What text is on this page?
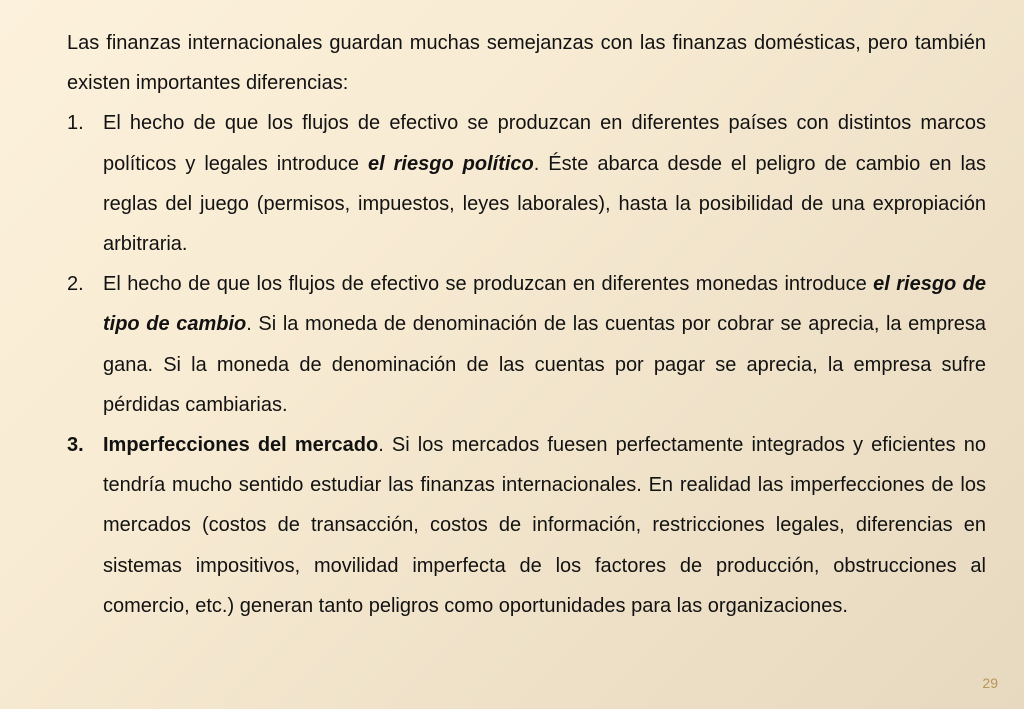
Las finanzas internacionales guardan muchas semejanzas con las finanzas domésticas, pero también existen importantes diferencias:

1. El hecho de que los flujos de efectivo se produzcan en diferentes países con distintos marcos políticos y legales introduce el riesgo político. Éste abarca desde el peligro de cambio en las reglas del juego (permisos, impuestos, leyes laborales), hasta la posibilidad de una expropiación arbitraria.
2. El hecho de que los flujos de efectivo se produzcan en diferentes monedas introduce el riesgo de tipo de cambio. Si la moneda de denominación de las cuentas por cobrar se aprecia, la empresa gana. Si la moneda de denominación de las cuentas por pagar se aprecia, la empresa sufre pérdidas cambiarias.
3. Imperfecciones del mercado. Si los mercados fuesen perfectamente integrados y eficientes no tendría mucho sentido estudiar las finanzas internacionales. En realidad las imperfecciones de los mercados (costos de transacción, costos de información, restricciones legales, diferencias en sistemas impositivos, movilidad imperfecta de los factores de producción, obstrucciones al comercio, etc.) generan tanto peligros como oportunidades para las organizaciones.
29
